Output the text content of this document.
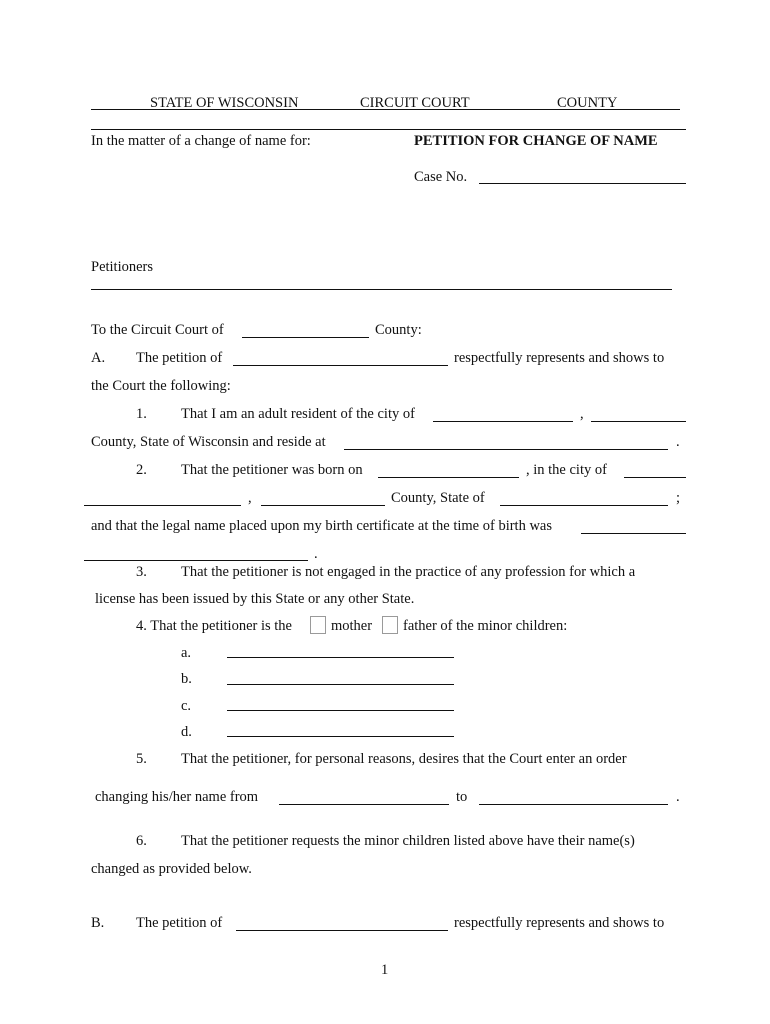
STATE OF WISCONSIN	CIRCUIT COURT	COUNTY
In the matter of a change of name for:	PETITION FOR CHANGE OF NAME
Case No.
Petitioners
To the Circuit Court of	County:
A. The petition of	respectfully represents and shows to
the Court the following:
1. That I am an adult resident of the city of	,
County, State of Wisconsin and reside at	.
2. That the petitioner was born on	, in the city of
,	County, State of	;
and that the legal name placed upon my birth certificate at the time of birth was
.
3. That the petitioner is not engaged in the practice of any profession for which a
license has been issued by this State or any other State.
4. That the petitioner is the	mother father of the minor children:
a.
b.
c.
d.
5. That the petitioner, for personal reasons, desires that the Court enter an order
changing his/her name from	to	.
6. That the petitioner requests the minor children listed above have their name(s)
changed as provided below.
B. The petition of	respectfully represents and shows to
1
